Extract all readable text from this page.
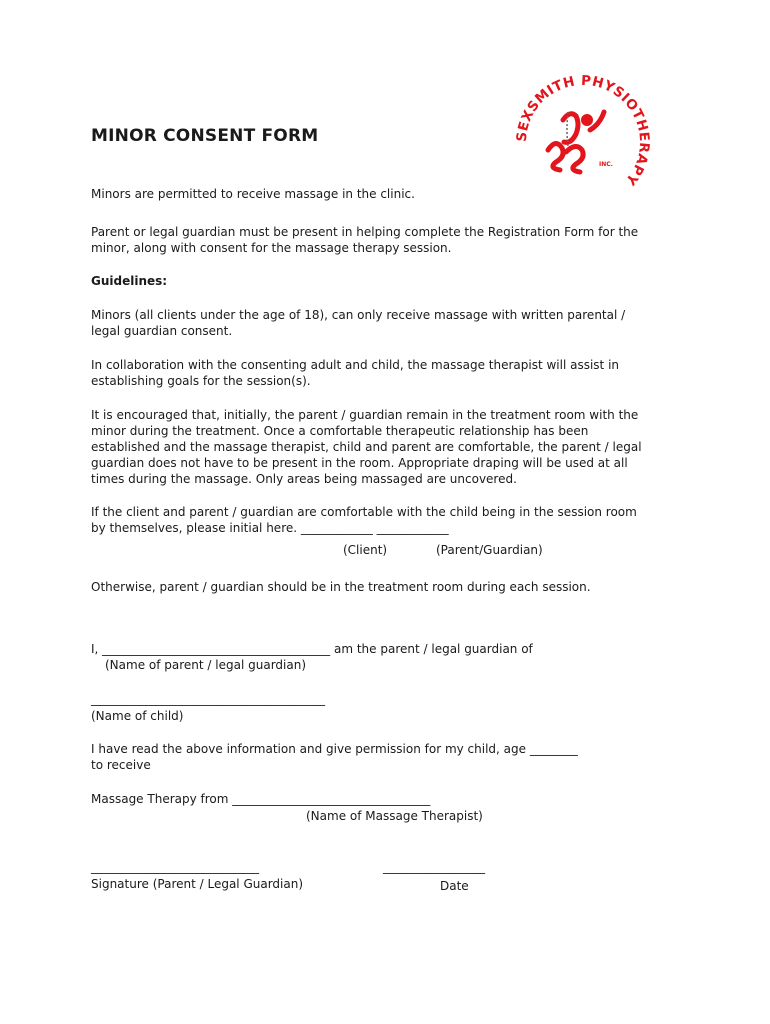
SEXSMITH PHYSIOTHERAPY
INC.
MINOR CONSENT FORM
Minors are permitted to receive massage in the clinic.
Parent or legal guardian must be present in helping complete the Registration Form for the
minor, along with consent for the massage therapy session.
Guidelines:
Minors (all clients under the age of 18), can only receive massage with written parental /
legal guardian consent.
In collaboration with the consenting adult and child, the massage therapist will assist in
establishing goals for the session(s).
It is encouraged that, initially, the parent / guardian remain in the treatment room with the
minor during the treatment. Once a comfortable therapeutic relationship has been
established and the massage therapist, child and parent are comfortable, the parent / legal
guardian does not have to be present in the room. Appropriate draping will be used at all
times during the massage. Only areas being massaged are uncovered.
If the client and parent / guardian are comfortable with the child being in the session room
by themselves, please initial here. ____________ ____________
(Client)	(Parent/Guardian)
Otherwise, parent / guardian should be in the treatment room during each session.
I, ______________________________________ am the parent / legal guardian of
(Name of parent / legal guardian)
_______________________________________
(Name of child)
I have read the above information and give permission for my child, age ________
to receive
Massage Therapy from _________________________________
(Name of Massage Therapist)
____________________________
Signature (Parent / Legal Guardian)
_________________
Date
